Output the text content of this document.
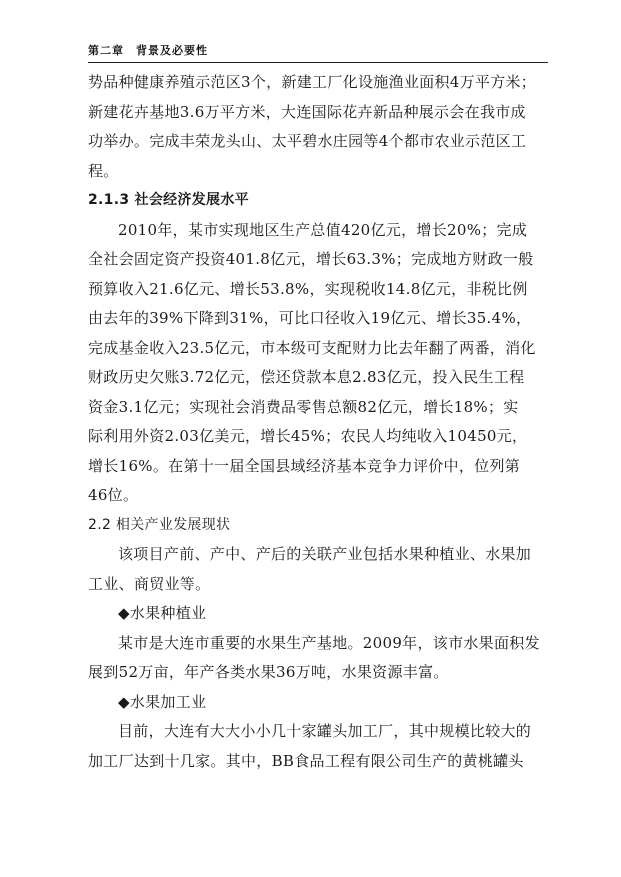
第二章　背景及必要性
势品种健康养殖示范区3个，新建工厂化设施渔业面积4万平方米；
新建花卉基地3.6万平方米，大连国际花卉新品种展示会在我市成
功举办。完成丰荣龙头山、太平碧水庄园等4个都市农业示范区工
程。
2.1.3 社会经济发展水平
2010年，某市实现地区生产总值420亿元，增长20%；完成
全社会固定资产投资401.8亿元，增长63.3%；完成地方财政一般
预算收入21.6亿元、增长53.8%，实现税收14.8亿元，非税比例
由去年的39%下降到31%，可比口径收入19亿元、增长35.4%，
完成基金收入23.5亿元，市本级可支配财力比去年翻了两番，消化
财政历史欠账3.72亿元，偿还贷款本息2.83亿元，投入民生工程
资金3.1亿元；实现社会消费品零售总额82亿元，增长18%；实
际利用外资2.03亿美元，增长45%；农民人均纯收入10450元，
增长16%。在第十一届全国县域经济基本竞争力评价中，位列第
46位。
2.2 相关产业发展现状
该项目产前、产中、产后的关联产业包括水果种植业、水果加
工业、商贸业等。
◆水果种植业
某市是大连市重要的水果生产基地。2009年，该市水果面积发
展到52万亩，年产各类水果36万吨，水果资源丰富。
◆水果加工业
目前，大连有大大小小几十家罐头加工厂，其中规模比较大的
加工厂达到十几家。其中，BB食品工程有限公司生产的黄桃罐头
